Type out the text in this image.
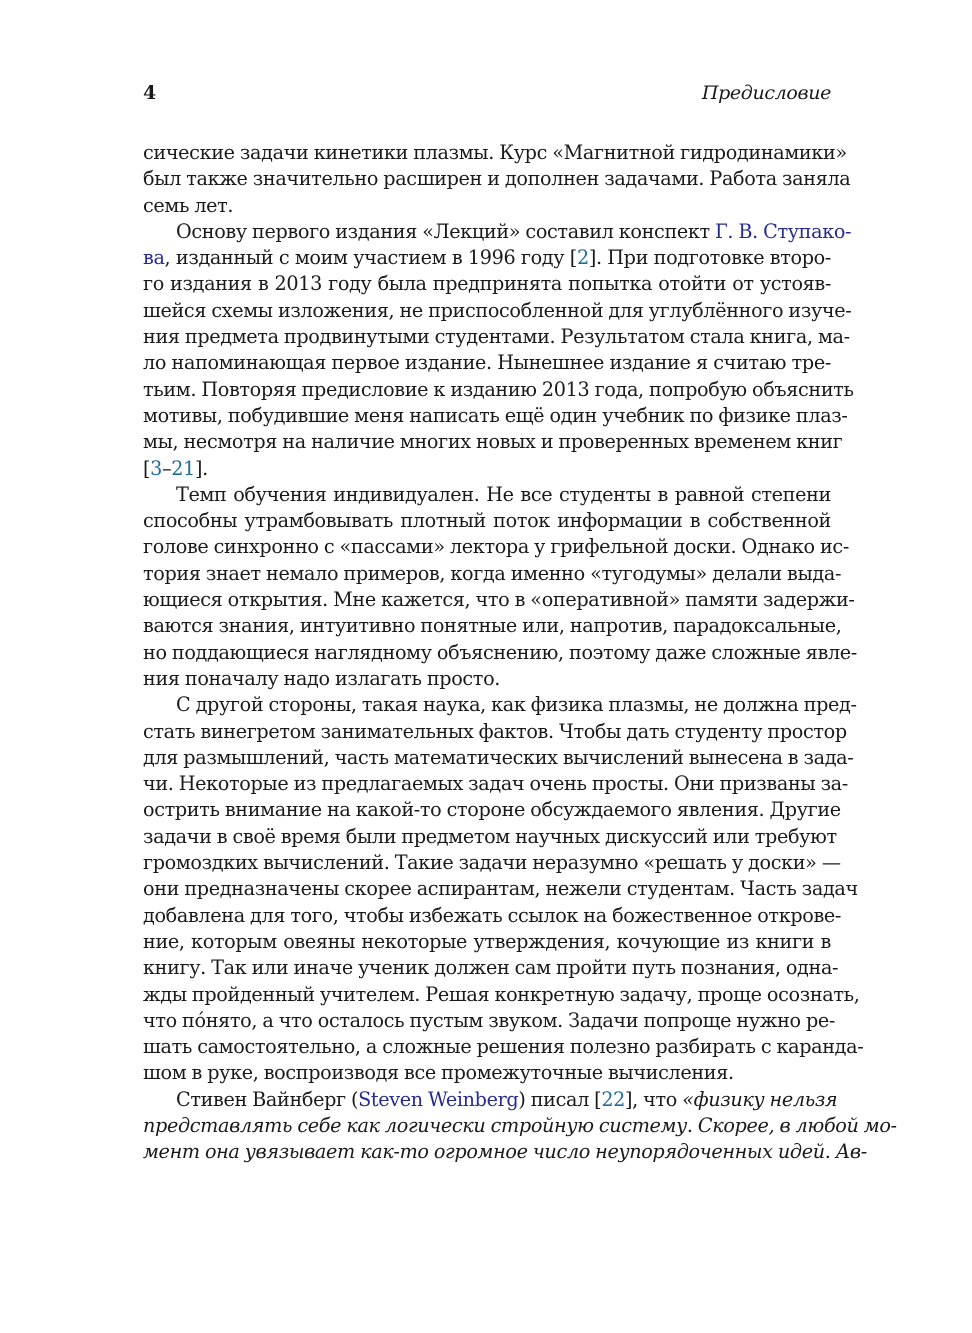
4	Предисловие

сические задачи кинетики плазмы. Курс «Магнитной гидродинамики»

был также значительно расширен и дополнен задачами. Работа заняла

семь лет.

Основу первого издания «Лекций» составил конспект Г. В. Ступако-

ва, изданный с моим участием в 1996 году [2]. При подготовке второ-

го издания в 2013 году была предпринята попытка отойти от устояв-

шейся схемы изложения, не приспособленной для углублённого изуче-

ния предмета продвинутыми студентами. Результатом стала книга, ма-

ло напоминающая первое издание. Нынешнее издание я считаю тре-

тьим. Повторяя предисловие к изданию 2013 года, попробую объяснить

мотивы, побудившие меня написать ещё один учебник по физике плаз-

мы, несмотря на наличие многих новых и проверенных временем книг

[3–21].

Темп обучения индивидуален. Не все студенты в равной степени

способны утрамбовывать плотный поток информации в собственной

голове синхронно с «пассами» лектора у грифельной доски. Однако ис-

тория знает немало примеров, когда именно «тугодумы» делали выда-

ющиеся открытия. Мне кажется, что в «оперативной» памяти задержи-

ваются знания, интуитивно понятные или, напротив, парадоксальные,

но поддающиеся наглядному объяснению, поэтому даже сложные явле-

ния поначалу надо излагать просто.

С другой стороны, такая наука, как физика плазмы, не должна пред-

стать винегретом занимательных фактов. Чтобы дать студенту простор

для размышлений, часть математических вычислений вынесена в зада-

чи. Некоторые из предлагаемых задач очень просты. Они призваны за-

острить внимание на какой-то стороне обсуждаемого явления. Другие

задачи в своё время были предметом научных дискуссий или требуют

громоздких вычислений. Такие задачи неразумно «решать у доски» —

они предназначены скорее аспирантам, нежели студентам. Часть задач

добавлена для того, чтобы избежать ссылок на божественное открове-

ние, которым овеяны некоторые утверждения, кочующие из книги в

книгу. Так или иначе ученик должен сам пройти путь познания, одна-

жды пройденный учителем. Решая конкретную задачу, проще осознать,

что пóнято, а что осталось пустым звуком. Задачи попроще нужно ре-

шать самостоятельно, а сложные решения полезно разбирать с каранда-

шом в руке, воспроизводя все промежуточные вычисления.

Стивен Вайнберг (Steven Weinberg) писал [22], что «физику нельзя

представлять себе как логически стройную систему. Скорее, в любой мо-

мент она увязывает как-то огромное число неупорядоченных идей. Ав-
